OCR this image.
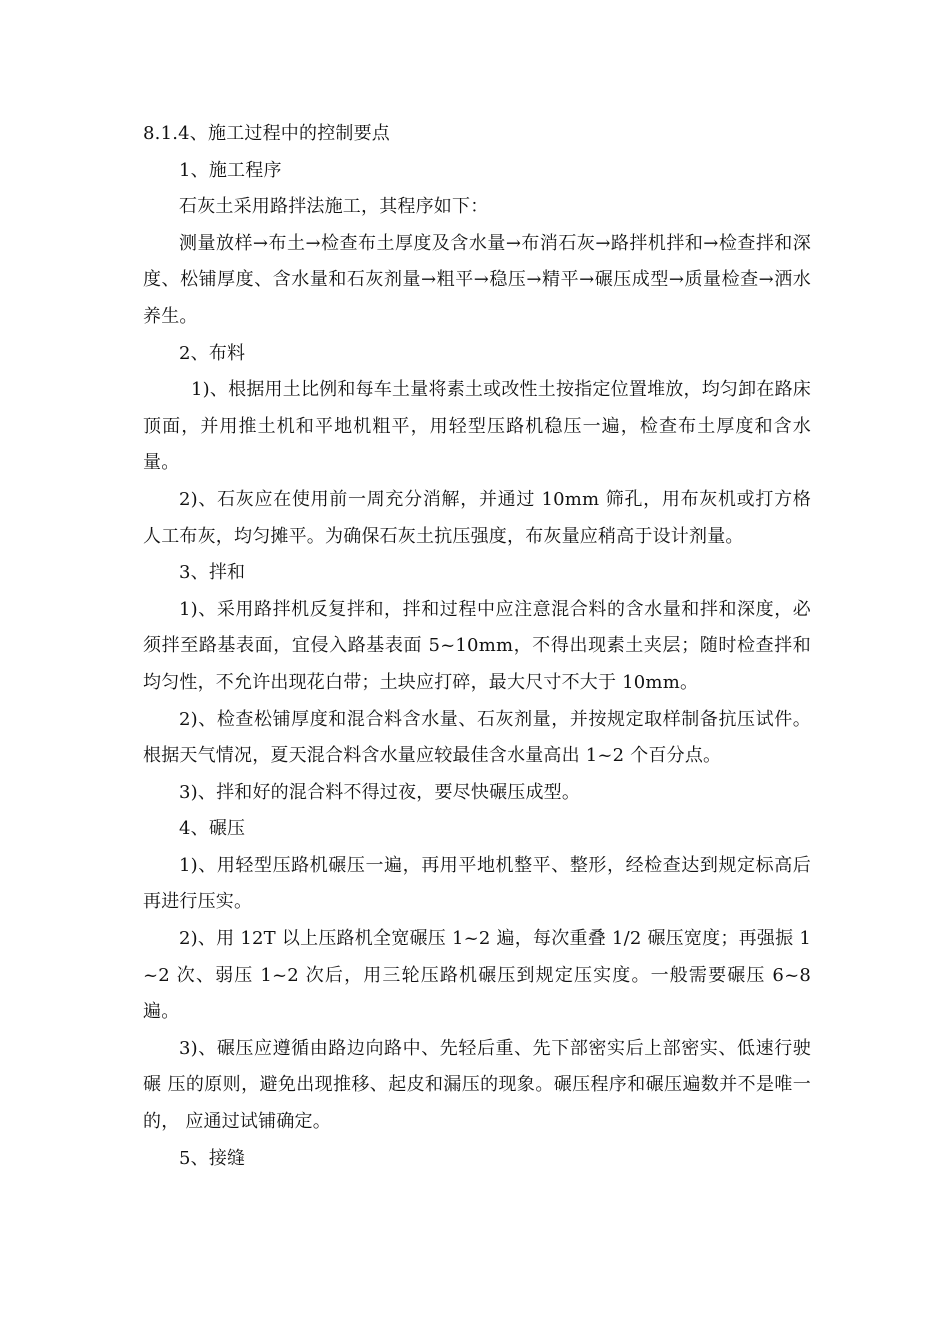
8.1.4、施工过程中的控制要点

1、施工程序

石灰土采用路拌法施工，其程序如下：

测量放样→布土→检查布土厚度及含水量→布消石灰→路拌机拌和→检查拌和深 度、松铺厚度、含水量和石灰剂量→粗平→稳压→精平→碾压成型→质量检查→洒水 养生。

2、布料

1)、根据用土比例和每车土量将素土或改性土按指定位置堆放，均匀卸在路床顶面，并用推土机和平地机粗平，用轻型压路机稳压一遍，检查布土厚度和含水量。

2)、石灰应在使用前一周充分消解，并通过 10mm 筛孔，用布灰机或打方格人工布灰，均匀摊平。为确保石灰土抗压强度，布灰量应稍高于设计剂量。

3、拌和

1)、采用路拌机反复拌和，拌和过程中应注意混合料的含水量和拌和深度，必须拌至路基表面，宜侵入路基表面 5~10mm，不得出现素土夹层；随时检查拌和均匀性，不允许出现花白带；土块应打碎，最大尺寸不大于 10mm。

2)、检查松铺厚度和混合料含水量、石灰剂量，并按规定取样制备抗压试件。根据天气情况，夏天混合料含水量应较最佳含水量高出 1~2 个百分点。

3)、拌和好的混合料不得过夜，要尽快碾压成型。

4、碾压

1)、用轻型压路机碾压一遍，再用平地机整平、整形，经检查达到规定标高后再进行压实。

2)、用 12T 以上压路机全宽碾压 1~2 遍，每次重叠 1/2 碾压宽度；再强振 1~2 次、弱压 1~2 次后，用三轮压路机碾压到规定压实度。一般需要碾压 6~8 遍。

3)、碾压应遵循由路边向路中、先轻后重、先下部密实后上部密实、低速行驶碾 压的原则，避免出现推移、起皮和漏压的现象。碾压程序和碾压遍数并不是唯一的， 应通过试铺确定。

5、接缝
